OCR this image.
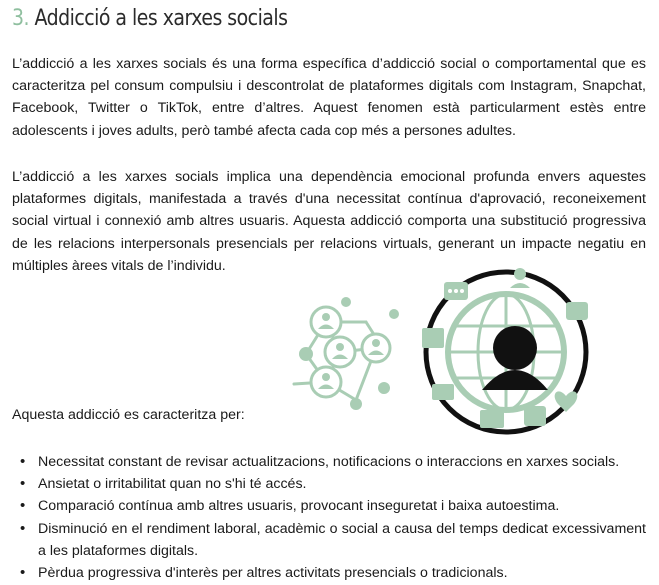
3. Addicció a les xarxes socials

L’addicció a les xarxes socials és una forma específica d’addicció social o comportamental que es caracteritza pel consum compulsiu i descontrolat de plataformes digitals com Instagram, Snapchat, Facebook, Twitter o TikTok, entre d’altres. Aquest fenomen està particularment estès entre adolescents i joves adults, però també afecta cada cop més a persones adultes.

L’addicció a les xarxes socials implica una dependència emocional profunda envers aquestes plataformes digitals, manifestada a través d'una necessitat contínua d'aprovació, reconeixement social virtual i connexió amb altres usuaris. Aquesta addicció comporta una substitució progressiva de les relacions interpersonals presencials per relacions virtuals, generant un impacte negatiu en múltiples àrees vitals de l’individu.

Aquesta addicció es caracteritza per:

• Necessitat constant de revisar actualitzacions, notificacions o interaccions en xarxes socials.
• Ansietat o irritabilitat quan no s'hi té accés.
• Comparació contínua amb altres usuaris, provocant inseguretat i baixa autoestima.
• Disminució en el rendiment laboral, acadèmic o social a causa del temps dedicat excessivament a les plataformes digitals.
• Pèrdua progressiva d'interès per altres activitats presencials o tradicionals.
